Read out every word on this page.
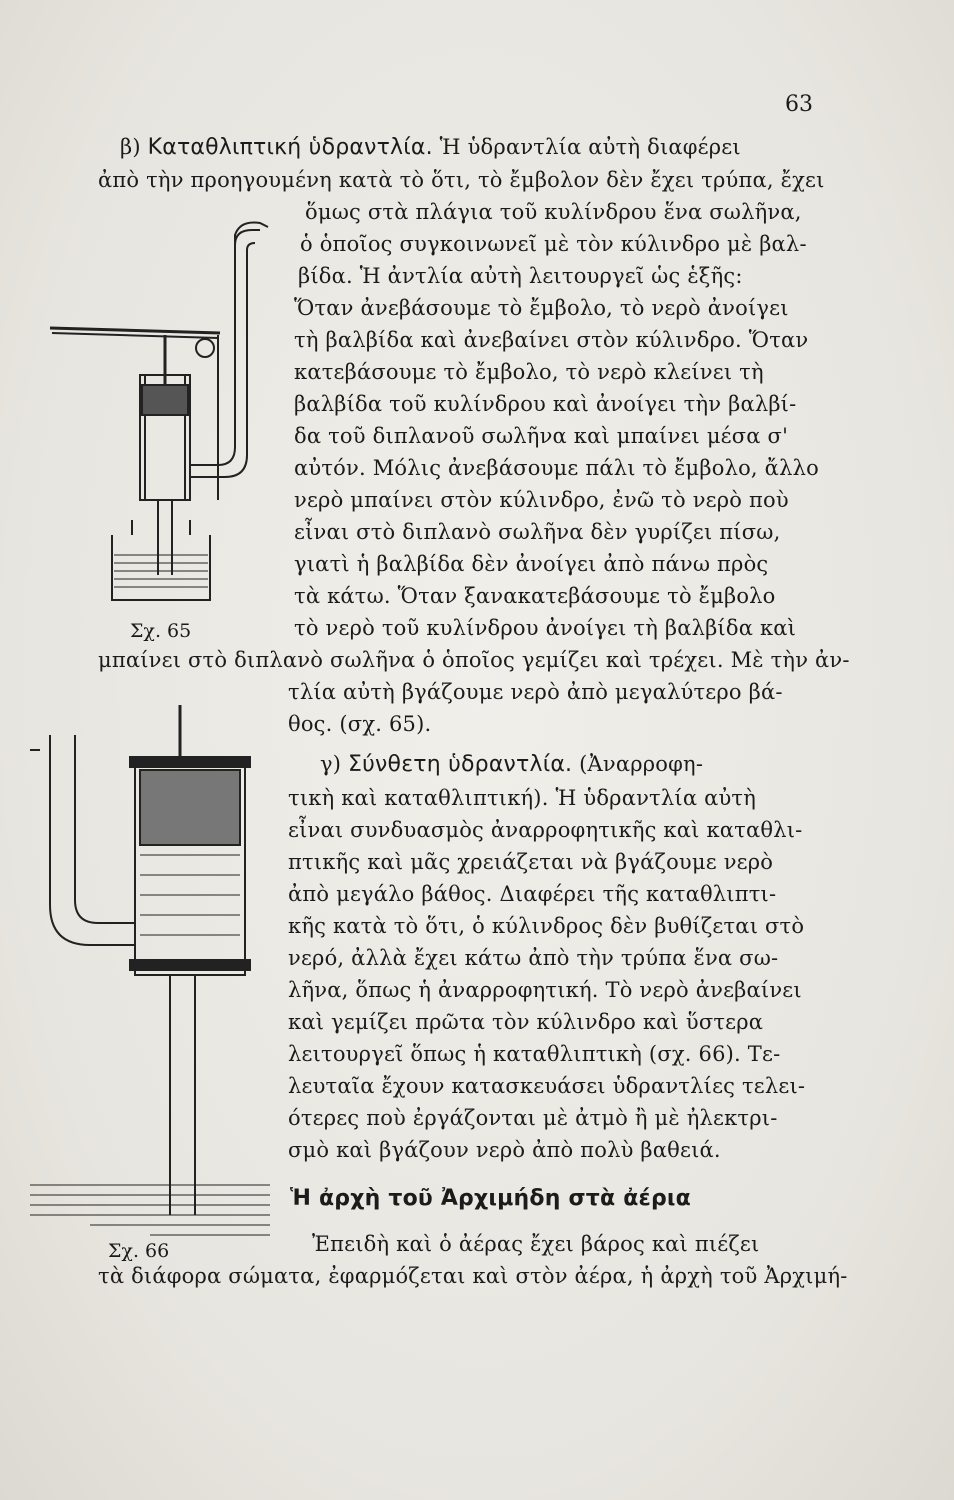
63
β) Καταθλιπτική ὑδραντλία. Ἡ ὑδραντλία αὐτὴ διαφέρει
ἀπὸ τὴν προηγουμένη κατὰ τὸ ὅτι, τὸ ἔμβολον δὲν ἔχει τρύπα, ἔχει
ὅμως στὰ πλάγια τοῦ κυλίνδρου ἕνα σωλῆνα,
ὁ ὁποῖος συγκοινωνεῖ μὲ τὸν κύλινδρο μὲ βαλ-
βίδα. Ἡ ἀντλία αὐτὴ λειτουργεῖ ὡς ἑξῆς:
Ὅταν ἀνεβάσουμε τὸ ἔμβολο, τὸ νερὸ ἀνοίγει
τὴ βαλβίδα καὶ ἀνεβαίνει στὸν κύλινδρο. Ὅταν
κατεβάσουμε τὸ ἔμβολο, τὸ νερὸ κλείνει τὴ
βαλβίδα τοῦ κυλίνδρου καὶ ἀνοίγει τὴν βαλβί-
δα τοῦ διπλανοῦ σωλῆνα καὶ μπαίνει μέσα σ'
αὐτόν. Μόλις ἀνεβάσουμε πάλι τὸ ἔμβολο, ἄλλο
νερὸ μπαίνει στὸν κύλινδρο, ἐνῶ τὸ νερὸ ποὺ
εἶναι στὸ διπλανὸ σωλῆνα δὲν γυρίζει πίσω,
γιατὶ ἡ βαλβίδα δὲν ἀνοίγει ἀπὸ πάνω πρὸς
τὰ κάτω. Ὅταν ξανακατεβάσουμε τὸ ἔμβολο
τὸ νερὸ τοῦ κυλίνδρου ἀνοίγει τὴ βαλβίδα καὶ
μπαίνει στὸ διπλανὸ σωλῆνα ὁ ὁποῖος γεμίζει καὶ τρέχει. Μὲ τὴν ἀν-
τλία αὐτὴ βγάζουμε νερὸ ἀπὸ μεγαλύτερο βά-
θος. (σχ. 65).
γ) Σύνθετη ὑδραντλία. (Ἀναρροφη-
τικὴ καὶ καταθλιπτική). Ἡ ὑδραντλία αὐτὴ
εἶναι συνδυασμὸς ἀναρροφητικῆς καὶ καταθλι-
πτικῆς καὶ μᾶς χρειάζεται νὰ βγάζουμε νερὸ
ἀπὸ μεγάλο βάθος. Διαφέρει τῆς καταθλιπτι-
κῆς κατὰ τὸ ὅτι, ὁ κύλινδρος δὲν βυθίζεται στὸ
νερό, ἀλλὰ ἔχει κάτω ἀπὸ τὴν τρύπα ἕνα σω-
λῆνα, ὅπως ἡ ἀναρροφητική. Τὸ νερὸ ἀνεβαίνει
καὶ γεμίζει πρῶτα τὸν κύλινδρο καὶ ὕστερα
λειτουργεῖ ὅπως ἡ καταθλιπτικὴ (σχ. 66). Τε-
λευταῖα ἔχουν κατασκευάσει ὑδραντλίες τελει-
ότερες ποὺ ἐργάζονται μὲ ἀτμὸ ἢ μὲ ἠλεκτρι-
σμὸ καὶ βγάζουν νερὸ ἀπὸ πολὺ βαθειά.
Ἡ ἀρχὴ τοῦ Ἀρχιμήδη στὰ ἀέρια
Ἐπειδὴ καὶ ὁ ἀέρας ἔχει βάρος καὶ πιέζει
τὰ διάφορα σώματα, ἐφαρμόζεται καὶ στὸν ἀέρα, ἡ ἀρχὴ τοῦ Ἀρχιμή-
Σχ. 65
Σχ. 66
